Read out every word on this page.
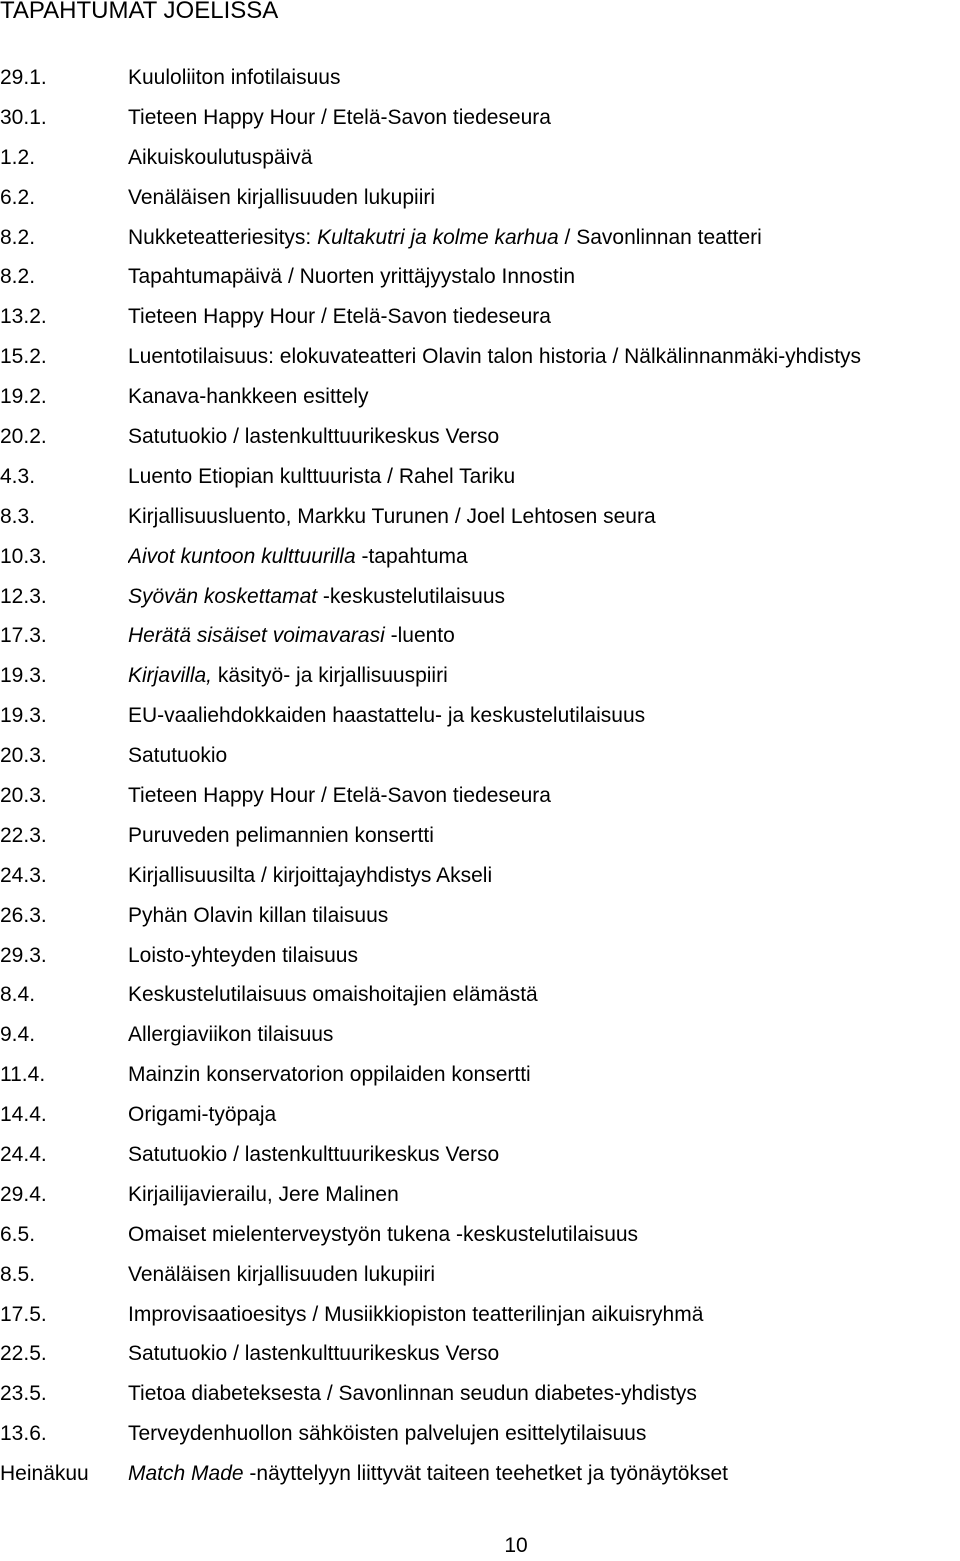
TAPAHTUMAT JOELISSA
29.1.	Kuuloliiton infotilaisuus
30.1.	Tieteen Happy Hour / Etelä-Savon tiedeseura
1.2.	Aikuiskoulutuspäivä
6.2.	Venäläisen kirjallisuuden lukupiiri
8.2.	Nukketeatteriesitys: Kultakutri ja kolme karhua / Savonlinnan teatteri
8.2.	Tapahtumapäivä / Nuorten yrittäjyystalo Innostin
13.2.	Tieteen Happy Hour / Etelä-Savon tiedeseura
15.2.	Luentotilaisuus: elokuvateatteri Olavin talon historia / Nälkälinnanmäki-yhdistys
19.2.	Kanava-hankkeen esittely
20.2.	Satutuokio / lastenkulttuurikeskus Verso
4.3.	Luento Etiopian kulttuurista / Rahel Tariku
8.3.	Kirjallisuusluento, Markku Turunen / Joel Lehtosen seura
10.3.	Aivot kuntoon kulttuurilla -tapahtuma
12.3.	Syövän koskettamat -keskustelutilaisuus
17.3.	Herätä sisäiset voimavarasi -luento
19.3.	Kirjavilla, käsityö- ja kirjallisuuspiiri
19.3.	EU-vaaliehdokkaiden haastattelu- ja keskustelutilaisuus
20.3.	Satutuokio
20.3.	Tieteen Happy Hour / Etelä-Savon tiedeseura
22.3.	Puruveden pelimannien konsertti
24.3.	Kirjallisuusilta / kirjoittajayhdistys Akseli
26.3.	Pyhän Olavin killan tilaisuus
29.3.	Loisto-yhteyden tilaisuus
8.4.	Keskustelutilaisuus omaishoitajien elämästä
9.4.	Allergiaviikon tilaisuus
11.4.	Mainzin konservatorion oppilaiden konsertti
14.4.	Origami-työpaja
24.4.	Satutuokio / lastenkulttuurikeskus Verso
29.4.	Kirjailijavierailu, Jere Malinen
6.5.	Omaiset mielenterveystyön tukena -keskustelutilaisuus
8.5.	Venäläisen kirjallisuuden lukupiiri
17.5.	Improvisaatioesitys / Musiikkiopiston teatterilinjan aikuisryhmä
22.5.	Satutuokio / lastenkulttuurikeskus Verso
23.5.	Tietoa diabeteksesta / Savonlinnan seudun diabetes-yhdistys
13.6.	Terveydenhuollon sähköisten palvelujen esittelytilaisuus
Heinäkuu	Match Made -näyttelyyn liittyvät taiteen teehetket ja työnäytökset
10
